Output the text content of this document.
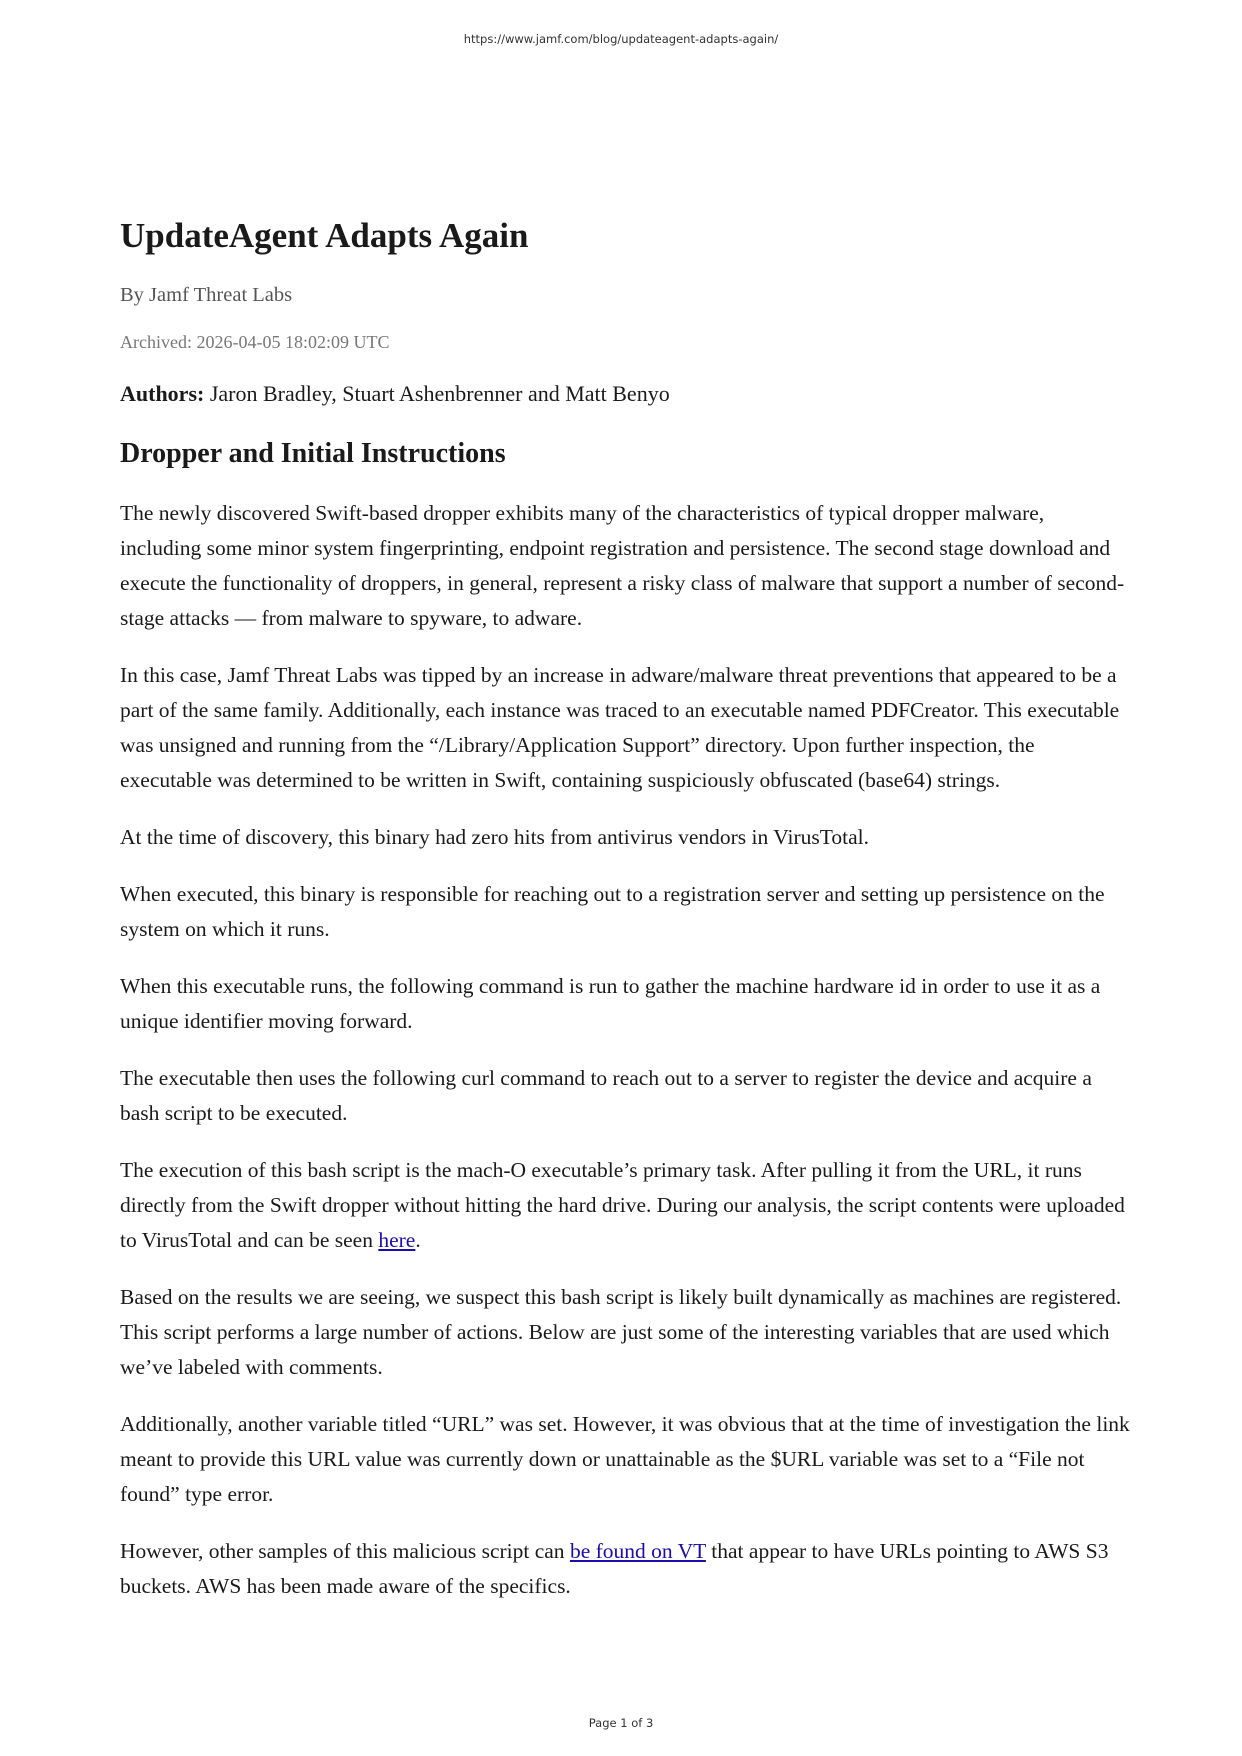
https://www.jamf.com/blog/updateagent-adapts-again/
UpdateAgent Adapts Again
By Jamf Threat Labs
Archived: 2026-04-05 18:02:09 UTC
Authors: Jaron Bradley, Stuart Ashenbrenner and Matt Benyo
Dropper and Initial Instructions

The newly discovered Swift-based dropper exhibits many of the characteristics of typical dropper malware, including some minor system fingerprinting, endpoint registration and persistence. The second stage download and execute the functionality of droppers, in general, represent a risky class of malware that support a number of second-stage attacks — from malware to spyware, to adware.

In this case, Jamf Threat Labs was tipped by an increase in adware/malware threat preventions that appeared to be a part of the same family. Additionally, each instance was traced to an executable named PDFCreator. This executable was unsigned and running from the “/Library/Application Support” directory. Upon further inspection, the executable was determined to be written in Swift, containing suspiciously obfuscated (base64) strings.

At the time of discovery, this binary had zero hits from antivirus vendors in VirusTotal.

When executed, this binary is responsible for reaching out to a registration server and setting up persistence on the system on which it runs.

When this executable runs, the following command is run to gather the machine hardware id in order to use it as a unique identifier moving forward.

The executable then uses the following curl command to reach out to a server to register the device and acquire a bash script to be executed.

The execution of this bash script is the mach-O executable’s primary task. After pulling it from the URL, it runs directly from the Swift dropper without hitting the hard drive. During our analysis, the script contents were uploaded to VirusTotal and can be seen here.

Based on the results we are seeing, we suspect this bash script is likely built dynamically as machines are registered. This script performs a large number of actions. Below are just some of the interesting variables that are used which we’ve labeled with comments.

Additionally, another variable titled “URL” was set. However, it was obvious that at the time of investigation the link meant to provide this URL value was currently down or unattainable as the $URL variable was set to a “File not found” type error.

However, other samples of this malicious script can be found on VT that appear to have URLs pointing to AWS S3 buckets. AWS has been made aware of the specifics.

Page 1 of 3
